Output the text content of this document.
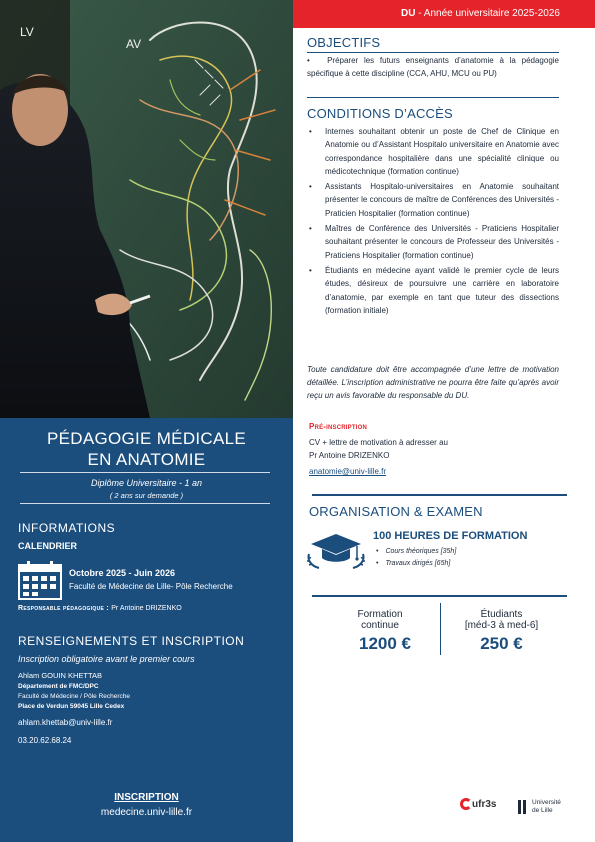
DU - Année universitaire 2025-2026
LV
AV
PÉDAGOGIE MÉDICALE
EN ANATOMIE
Diplôme Universitaire - 1 an
( 2 ans sur demande )
INFORMATIONS
CALENDRIER
Octobre 2025 - Juin 2026
Faculté de Médecine de Lille- Pôle Recherche
Responsable pédagogique : Pr Antoine DRIZENKO
RENSEIGNEMENTS ET INSCRIPTION
Inscription obligatoire avant le premier cours
Ahlam GOUIN KHETTAB
Département de FMC/DPC
Faculté de Médecine / Pôle Recherche
Place de Verdun 59045 Lille Cedex
ahlam.khettab@univ-lille.fr
03.20.62.68.24
INSCRIPTION
medecine.univ-lille.fr
OBJECTIFS
•   Préparer les futurs enseignants d’anatomie à la pédagogie spécifique à cette discipline (CCA, AHU, MCU ou PU)
CONDITIONS D’ACCÈS
• Internes souhaitant obtenir un poste de Chef de Clinique en Anatomie ou d’Assistant Hospitalo universitaire en Anatomie avec correspondance hospitalière dans une spécialité clinique ou médicotechnique (formation continue)
• Assistants Hospitalo-universitaires en Anatomie souhaitant présenter le concours de maître de Conférences des Universités - Praticien Hospitalier (formation continue)
• Maîtres de Conférence des Universités - Praticiens Hospitalier souhaitant présenter le concours de Professeur des Universités - Praticiens Hospitalier (formation continue)
• Étudiants en médecine ayant validé le premier cycle de leurs études, désireux de poursuivre une carrière en laboratoire d’anatomie, par exemple en tant que tuteur des dissections (formation initiale)
Toute candidature doit être accompagnée d’une lettre de motivation détaillée. L’inscription administrative ne pourra être faite qu’après avoir reçu un avis favorable du responsable du DU.
Pré-inscription
CV + lettre de motivation à adresser au
Pr Antoine DRIZENKO
anatomie@univ-lille.fr
ORGANISATION & EXAMEN
100 HEURES DE FORMATION
• Cours théoriques [35h]
• Travaux dirigés [65h]
Formation
continue
1200 €
Étudiants
[méd-3 à med-6]
250 €
ufr3s	Université
de Lille
